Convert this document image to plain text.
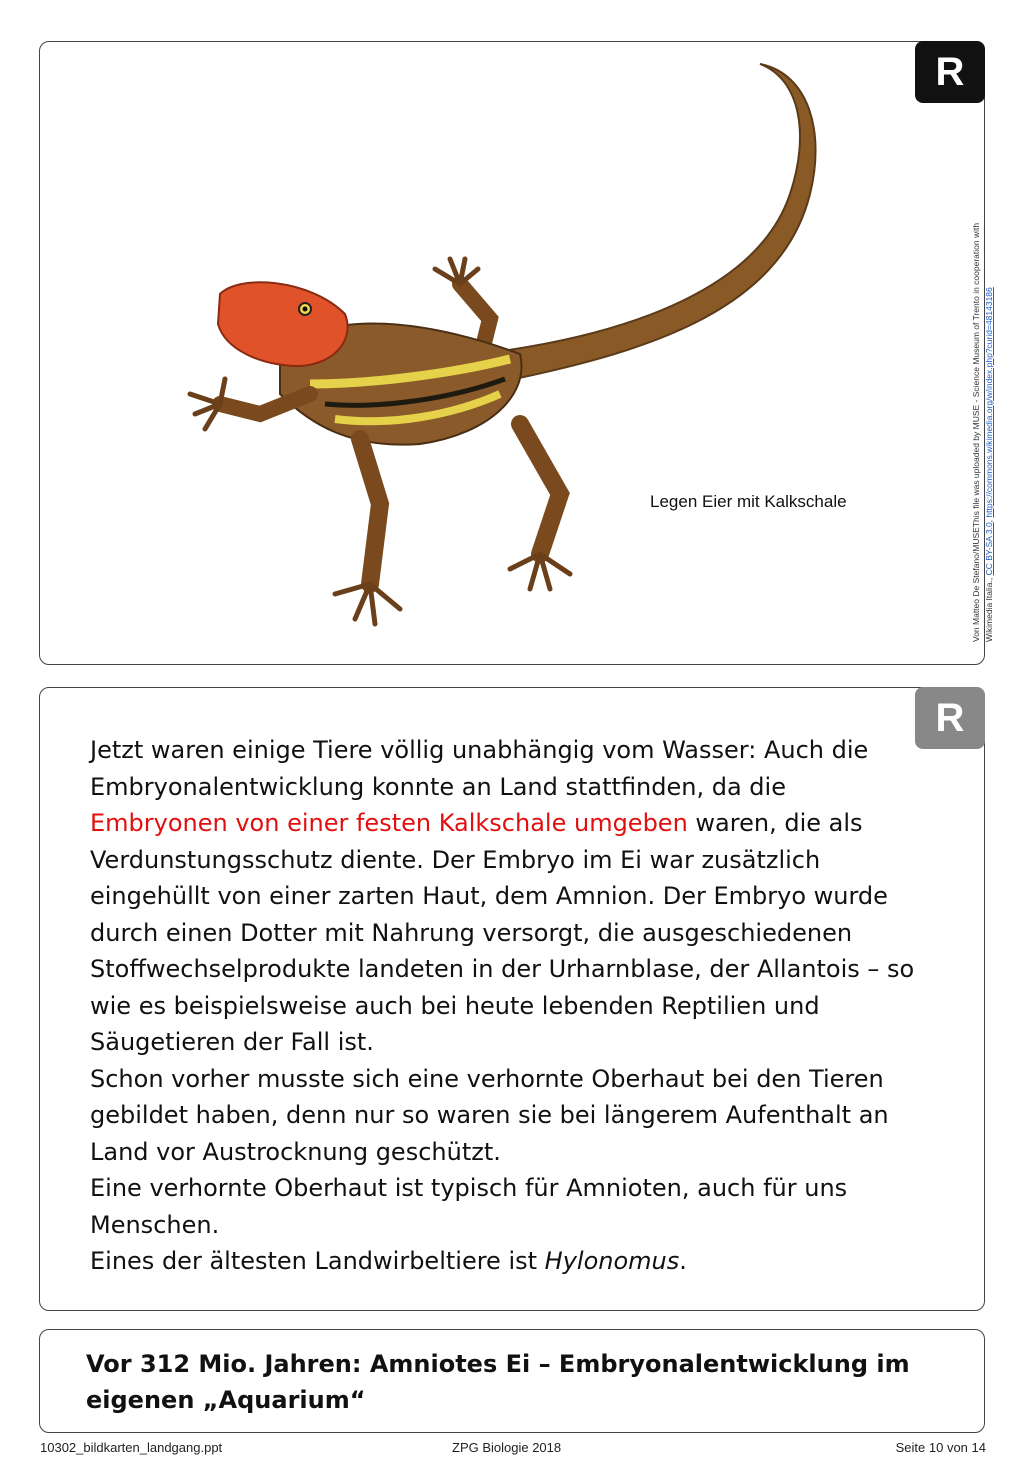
Legen Eier mit Kalkschale	Von Matteo De Stefano/MUSEThis file was uploaded by MUSE - Science Museum of Trento in cooperation with Wikimedia Italia., CC BY-SA 3.0, https://commons.wikimedia.org/w/index.php?curid=48143186
R
R

Jetzt waren einige Tiere völlig unabhängig vom Wasser: Auch die Embryonalentwicklung konnte an Land stattfinden, da die Embryonen von einer festen Kalkschale umgeben waren, die als Verdunstungsschutz diente. Der Embryo im Ei war zusätzlich eingehüllt von einer zarten Haut, dem Amnion. Der Embryo wurde durch einen Dotter mit Nahrung versorgt, die ausgeschiedenen Stoffwechselprodukte landeten in der Urharnblase, der Allantois – so wie es beispielsweise auch bei heute lebenden Reptilien und Säugetieren der Fall ist.

Schon vorher musste sich eine verhornte Oberhaut bei den Tieren gebildet haben, denn nur so waren sie bei längerem Aufenthalt an Land vor Austrocknung geschützt.

Eine verhornte Oberhaut ist typisch für Amnioten, auch für uns Menschen.

Eines der ältesten Landwirbeltiere ist Hylonomus.

Vor 312 Mio. Jahren: Amniotes Ei – Embryonalentwicklung im eigenen „Aquarium“
10302_bildkarten_landgang.ppt	ZPG Biologie 2018	Seite 10 von 14
